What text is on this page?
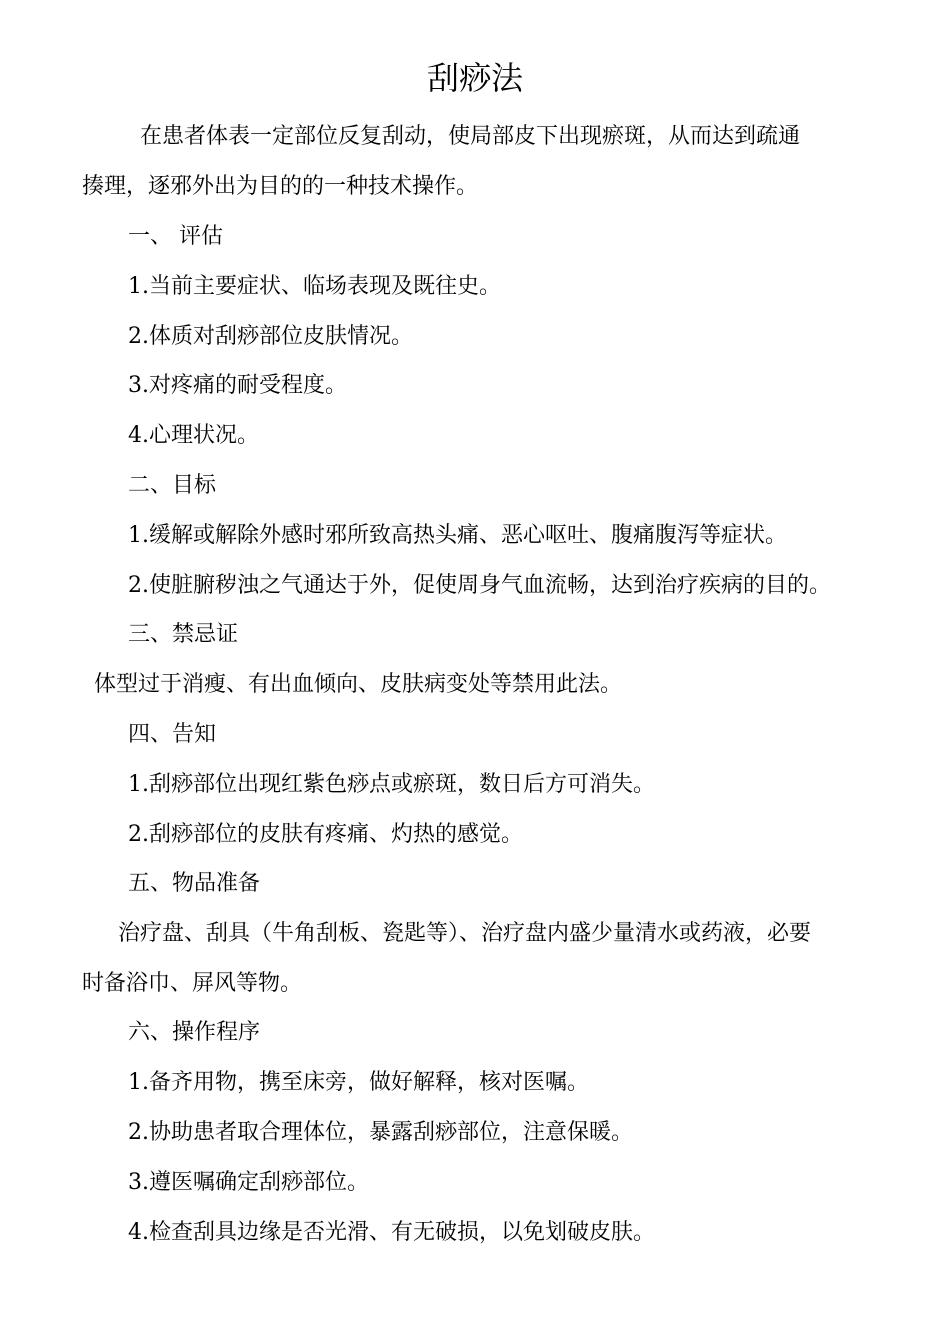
刮痧法

在患者体表一定部位反复刮动，使局部皮下出现瘀斑，从而达到疏通

揍理，逐邪外出为目的的一种技术操作。

一、 评估

1.当前主要症状、临场表现及既往史。

2.体质对刮痧部位皮肤情况。

3.对疼痛的耐受程度。

4.心理状况。

二、目标

1.缓解或解除外感时邪所致高热头痛、恶心呕吐、腹痛腹泻等症状。

2.使脏腑秽浊之气通达于外，促使周身气血流畅，达到治疗疾病的目的。

三、禁忌证

体型过于消瘦、有出血倾向、皮肤病变处等禁用此法。

四、告知

1.刮痧部位出现红紫色痧点或瘀斑，数日后方可消失。

2.刮痧部位的皮肤有疼痛、灼热的感觉。

五、物品准备

治疗盘、刮具（牛角刮板、瓷匙等）、治疗盘内盛少量清水或药液，必要

时备浴巾、屏风等物。

六、操作程序

1.备齐用物，携至床旁，做好解释，核对医嘱。

2.协助患者取合理体位，暴露刮痧部位，注意保暖。

3.遵医嘱确定刮痧部位。

4.检查刮具边缘是否光滑、有无破损，以免划破皮肤。
